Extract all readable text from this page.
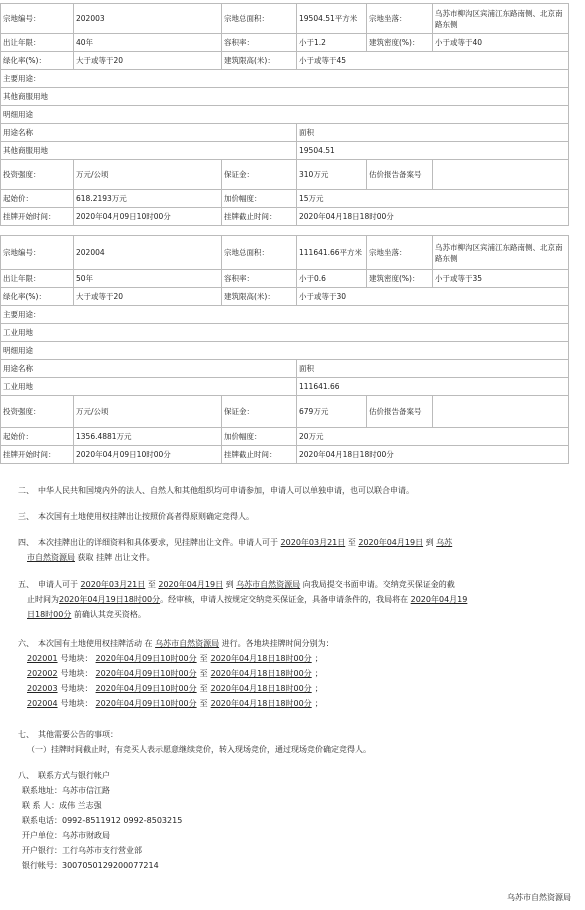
宗地编号：	202003	宗地总面积：	19504.51平方米	宗地坐落：	乌苏市柳沟区宾浦江东路南侧、北京南路东侧
出让年限：	40年	容积率：	小于1.2	建筑密度(%)：	小于或等于40
绿化率(%)：	大于或等于20	建筑限高(米)：	小于或等于45		
主要用途：					
其他商服用地					
明细用途					
用途名称			面积		
其他商服用地			19504.51		
投资强度：	万元/公顷	保证金：	310万元	估价报告备案号	
起始价：	618.2193万元	加价幅度：	15万元		
挂牌开始时间：	2020年04月09日10时00分	挂牌截止时间：	2020年04月18日18时00分		
宗地编号：	202004	宗地总面积：	111641.66平方米	宗地坐落：	乌苏市柳沟区宾浦江东路南侧、北京南路东侧
出让年限：	50年	容积率：	小于0.6	建筑密度(%)：	小于或等于35
绿化率(%)：	大于或等于20	建筑限高(米)：	小于或等于30		
主要用途：					
工业用地					
明细用途					
用途名称			面积		
工业用地			111641.66		
投资强度：	万元/公顷	保证金：	679万元	估价报告备案号	
起始价：	1356.4881万元	加价幅度：	20万元		
挂牌开始时间：	2020年04月09日10时00分	挂牌截止时间：	2020年04月18日18时00分		
二、　中华人民共和国境内外的法人、自然人和其他组织均可申请参加，申请人可以单独申请，也可以联合申请。
三、　本次国有土地使用权挂牌出让按照价高者得原则确定竞得人。
四、　本次挂牌出让的详细资料和具体要求，见挂牌出让文件。申请人可于 2020年03月21日 至 2020年04月19日 到 乌苏
市自然资源局 获取 挂牌 出让文件。
五、　申请人可于 2020年03月21日 至 2020年04月19日 到 乌苏市自然资源局 向我局提交书面申请。交纳竞买保证金的截
止时间为2020年04月19日18时00分。经审核，申请人按规定交纳竞买保证金，具备申请条件的，我局将在 2020年04月19
日18时00分 前确认其竞买资格。
六、　本次国有土地使用权挂牌活动 在 乌苏市自然资源局 进行。各地块挂牌时间分别为：
202001 号地块： 2020年04月09日10时00分 至 2020年04月18日18时00分 ；
202002 号地块： 2020年04月09日10时00分 至 2020年04月18日18时00分 ；
202003 号地块： 2020年04月09日10时00分 至 2020年04月18日18时00分 ；
202004 号地块： 2020年04月09日10时00分 至 2020年04月18日18时00分 ；
七、　其他需要公告的事项：
（一）挂牌时间截止时，有竞买人表示愿意继续竞价，转入现场竞价，通过现场竞价确定竞得人。
八、　联系方式与银行帐户
联系地址：乌苏市信江路
联 系 人：成伟 兰志强
联系电话：0992-8511912 0992-8503215
开户单位：乌苏市财政局
开户银行：工行乌苏市支行营业部
银行帐号：3007050129200077214
乌苏市自然资源局
